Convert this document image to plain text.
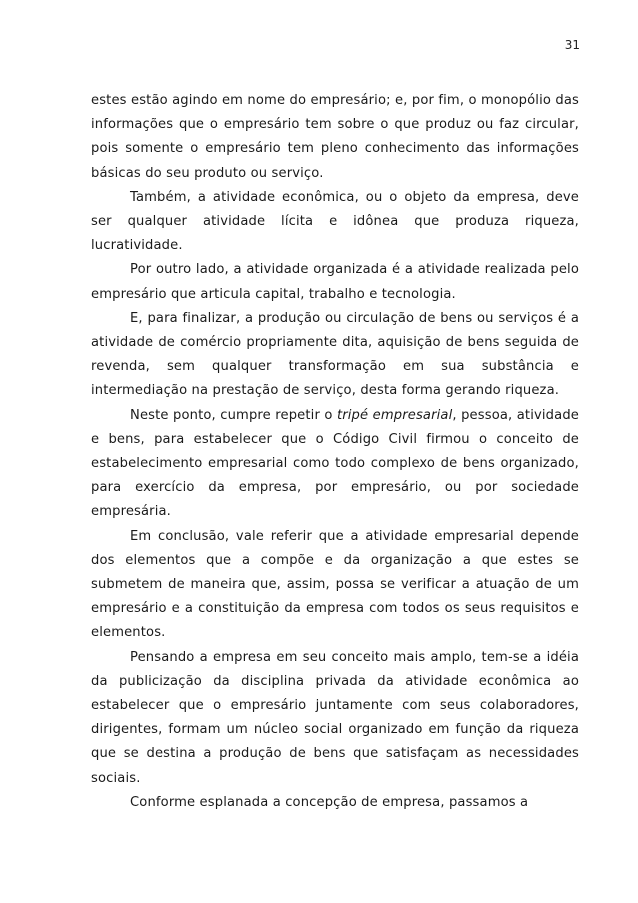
31

estes estão agindo em nome do empresário; e, por fim, o monopólio das informações que o empresário tem sobre o que produz ou faz circular, pois somente o empresário tem pleno conhecimento das informações básicas do seu produto ou serviço.

Também, a atividade econômica, ou o objeto da empresa, deve ser qualquer atividade lícita e idônea que produza riqueza, lucratividade.

Por outro lado, a atividade organizada é a atividade realizada pelo empresário que articula capital, trabalho e tecnologia.

E, para finalizar, a produção ou circulação de bens ou serviços é a atividade de comércio propriamente dita, aquisição de bens seguida de revenda, sem qualquer transformação em sua substância e intermediação na prestação de serviço, desta forma gerando riqueza.

Neste ponto, cumpre repetir o tripé empresarial, pessoa, atividade e bens, para estabelecer que o Código Civil firmou o conceito de estabelecimento empresarial como todo complexo de bens organizado, para exercício da empresa, por empresário, ou por sociedade empresária.

Em conclusão, vale referir que a atividade empresarial depende dos elementos que a compõe e da organização a que estes se submetem de maneira que, assim, possa se verificar a atuação de um empresário e a constituição da empresa com todos os seus requisitos e elementos.

Pensando a empresa em seu conceito mais amplo, tem-se a idéia da publicização da disciplina privada da atividade econômica ao estabelecer que o empresário juntamente com seus colaboradores, dirigentes, formam um núcleo social organizado em função da riqueza que se destina a produção de bens que satisfaçam as necessidades sociais.

Conforme esplanada a concepção de empresa, passamos a
